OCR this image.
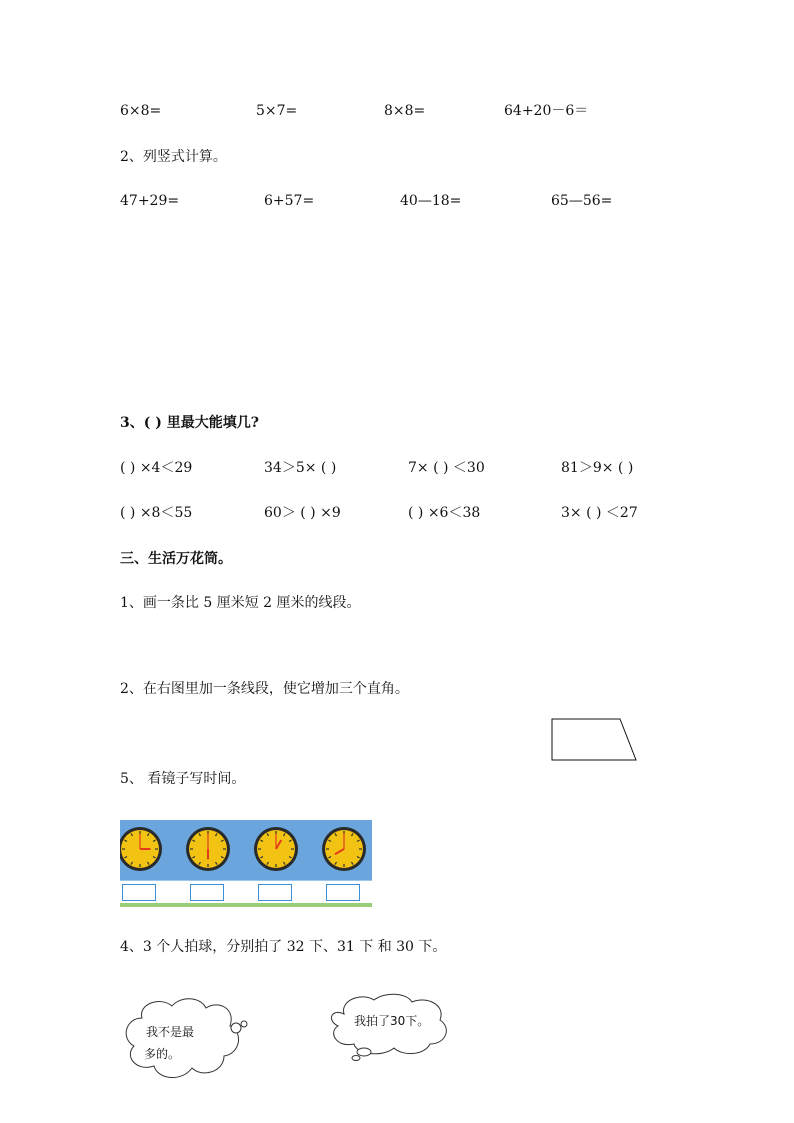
6×8=	5×7=	8×8=	64+20－6＝
2、列竖式计算。
47+29=	6+57=	40—18=	65—56=
3、( ) 里最大能填几?
( ) ×4＜29	34＞5× ( )	7× ( ) ＜30	81＞9× ( )
( ) ×8＜55	60＞ ( ) ×9	( ) ×6＜38	3× ( ) ＜27
三、生活万花筒。
1、画一条比 5 厘米短 2 厘米的线段。
2、在右图里加一条线段，使它增加三个直角。
5、 看镜子写时间。
4、3 个人拍球，分别拍了 32 下、31 下 和 30 下。
我不是最
多的。
我拍了30下。
